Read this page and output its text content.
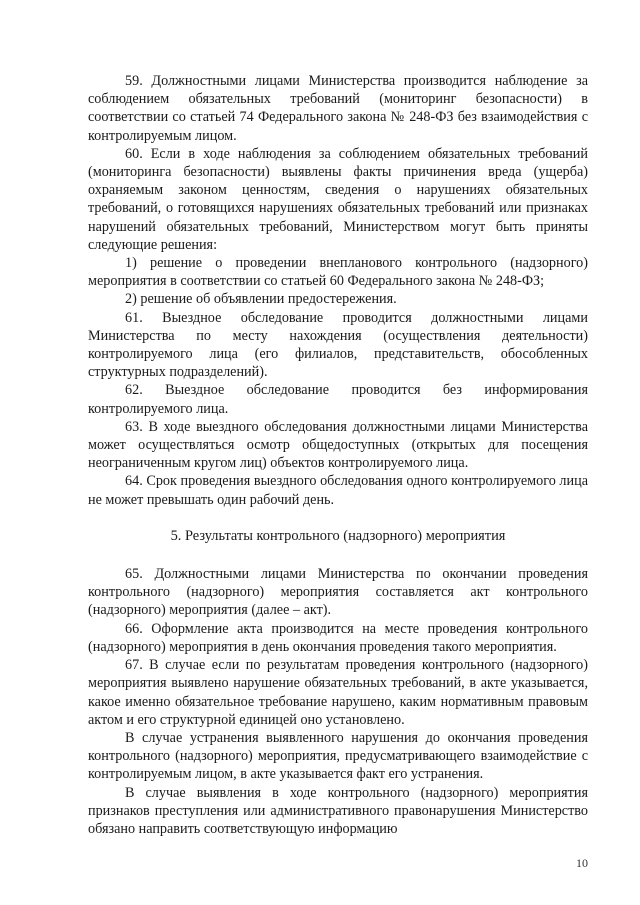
59. Должностными лицами Министерства производится наблюдение за соблюдением обязательных требований (мониторинг безопасности) в соответствии со статьей 74 Федерального закона № 248-ФЗ без взаимодействия с контролируемым лицом.

60. Если в ходе наблюдения за соблюдением обязательных требований (мониторинга безопасности) выявлены факты причинения вреда (ущерба) охраняемым законом ценностям, сведения о нарушениях обязательных требований, о готовящихся нарушениях обязательных требований или признаках нарушений обязательных требований, Министерством могут быть приняты следующие решения:

1) решение о проведении внепланового контрольного (надзорного) мероприятия в соответствии со статьей 60 Федерального закона № 248-ФЗ;

2) решение об объявлении предостережения.

61. Выездное обследование проводится должностными лицами Министерства по месту нахождения (осуществления деятельности) контролируемого лица (его филиалов, представительств, обособленных структурных подразделений).

62. Выездное обследование проводится без информирования контролируемого лица.

63. В ходе выездного обследования должностными лицами Министерства может осуществляться осмотр общедоступных (открытых для посещения неограниченным кругом лиц) объектов контролируемого лица.

64. Срок проведения выездного обследования одного контролируемого лица не может превышать один рабочий день.

5. Результаты контрольного (надзорного) мероприятия

65. Должностными лицами Министерства по окончании проведения контрольного (надзорного) мероприятия составляется акт контрольного (надзорного) мероприятия (далее – акт).

66. Оформление акта производится на месте проведения контрольного (надзорного) мероприятия в день окончания проведения такого мероприятия.

67. В случае если по результатам проведения контрольного (надзорного) мероприятия выявлено нарушение обязательных требований, в акте указывается, какое именно обязательное требование нарушено, каким нормативным правовым актом и его структурной единицей оно установлено.

В случае устранения выявленного нарушения до окончания проведения контрольного (надзорного) мероприятия, предусматривающего взаимодействие с контролируемым лицом, в акте указывается факт его устранения.

В случае выявления в ходе контрольного (надзорного) мероприятия признаков преступления или административного правонарушения Министерство обязано направить соответствующую информацию

10
